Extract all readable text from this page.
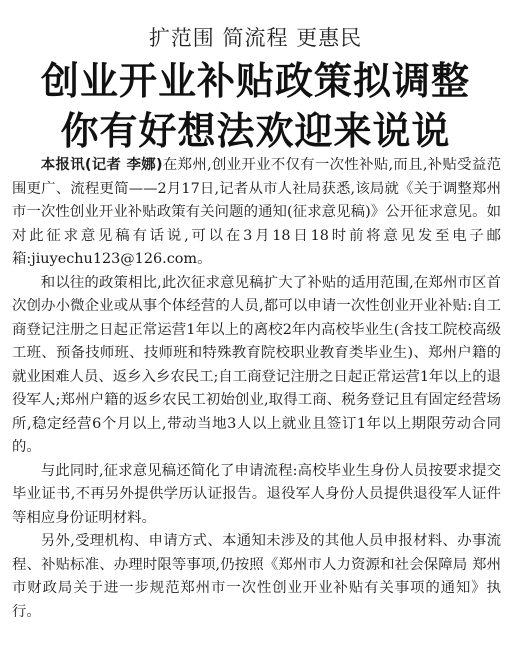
扩范围 简流程 更惠民
创业开业补贴政策拟调整
你有好想法欢迎来说说

本报讯(记者 李娜)在郑州,创业开业不仅有一次性补贴,而且,补贴受益范围更广、流程更简——2月17日,记者从市人社局获悉,该局就《关于调整郑州市一次性创业开业补贴政策有关问题的通知(征求意见稿)》公开征求意见。如对此征求意见稿有话说,可以在3月18日18时前将意见发至电子邮箱:jiuyechu123@126.com。

和以往的政策相比,此次征求意见稿扩大了补贴的适用范围,在郑州市区首次创办小微企业或从事个体经营的人员,都可以申请一次性创业开业补贴:自工商登记注册之日起正常运营1年以上的离校2年内高校毕业生(含技工院校高级工班、预备技师班、技师班和特殊教育院校职业教育类毕业生)、郑州户籍的就业困难人员、返乡入乡农民工;自工商登记注册之日起正常运营1年以上的退役军人;郑州户籍的返乡农民工初始创业,取得工商、税务登记且有固定经营场所,稳定经营6个月以上,带动当地3人以上就业且签订1年以上期限劳动合同的。

与此同时,征求意见稿还简化了申请流程:高校毕业生身份人员按要求提交毕业证书,不再另外提供学历认证报告。退役军人身份人员提供退役军人证件等相应身份证明材料。

另外,受理机构、申请方式、本通知未涉及的其他人员申报材料、办事流程、补贴标准、办理时限等事项,仍按照《郑州市人力资源和社会保障局 郑州市财政局关于进一步规范郑州市一次性创业开业补贴有关事项的通知》执行。
